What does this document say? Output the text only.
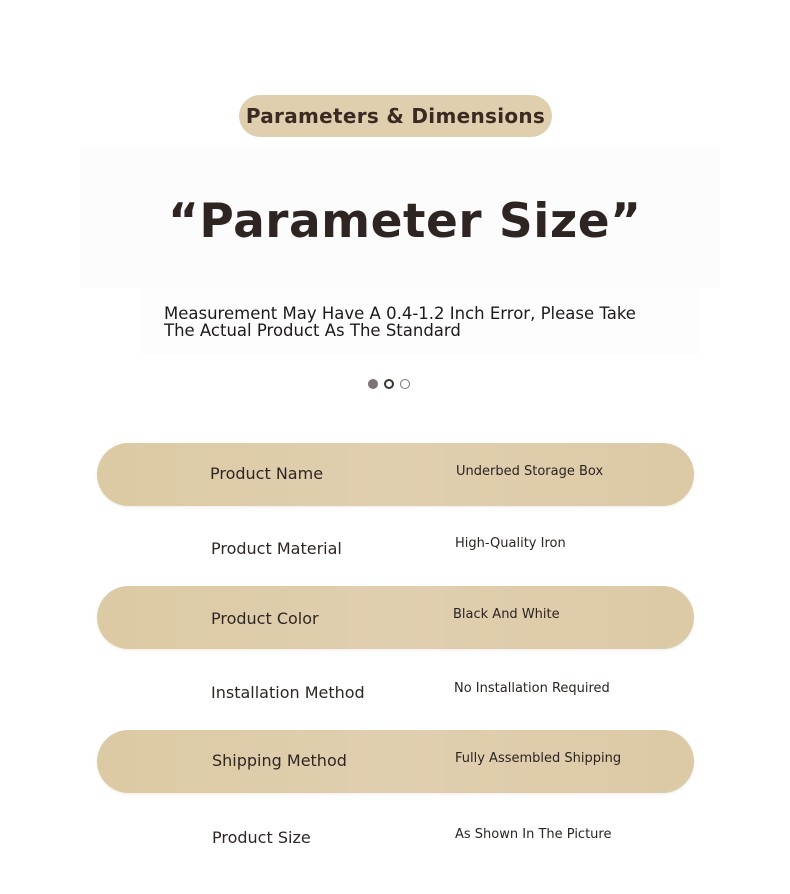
Parameters & Dimensions
“Parameter Size”
Measurement May Have A 0.4-1.2 Inch Error, Please Take The Actual Product As The Standard
Product Name	Underbed Storage Box
Product Material	High-Quality Iron
Product Color	Black And White
Installation Method	No Installation Required
Shipping Method	Fully Assembled Shipping
Product Size	As Shown In The Picture
